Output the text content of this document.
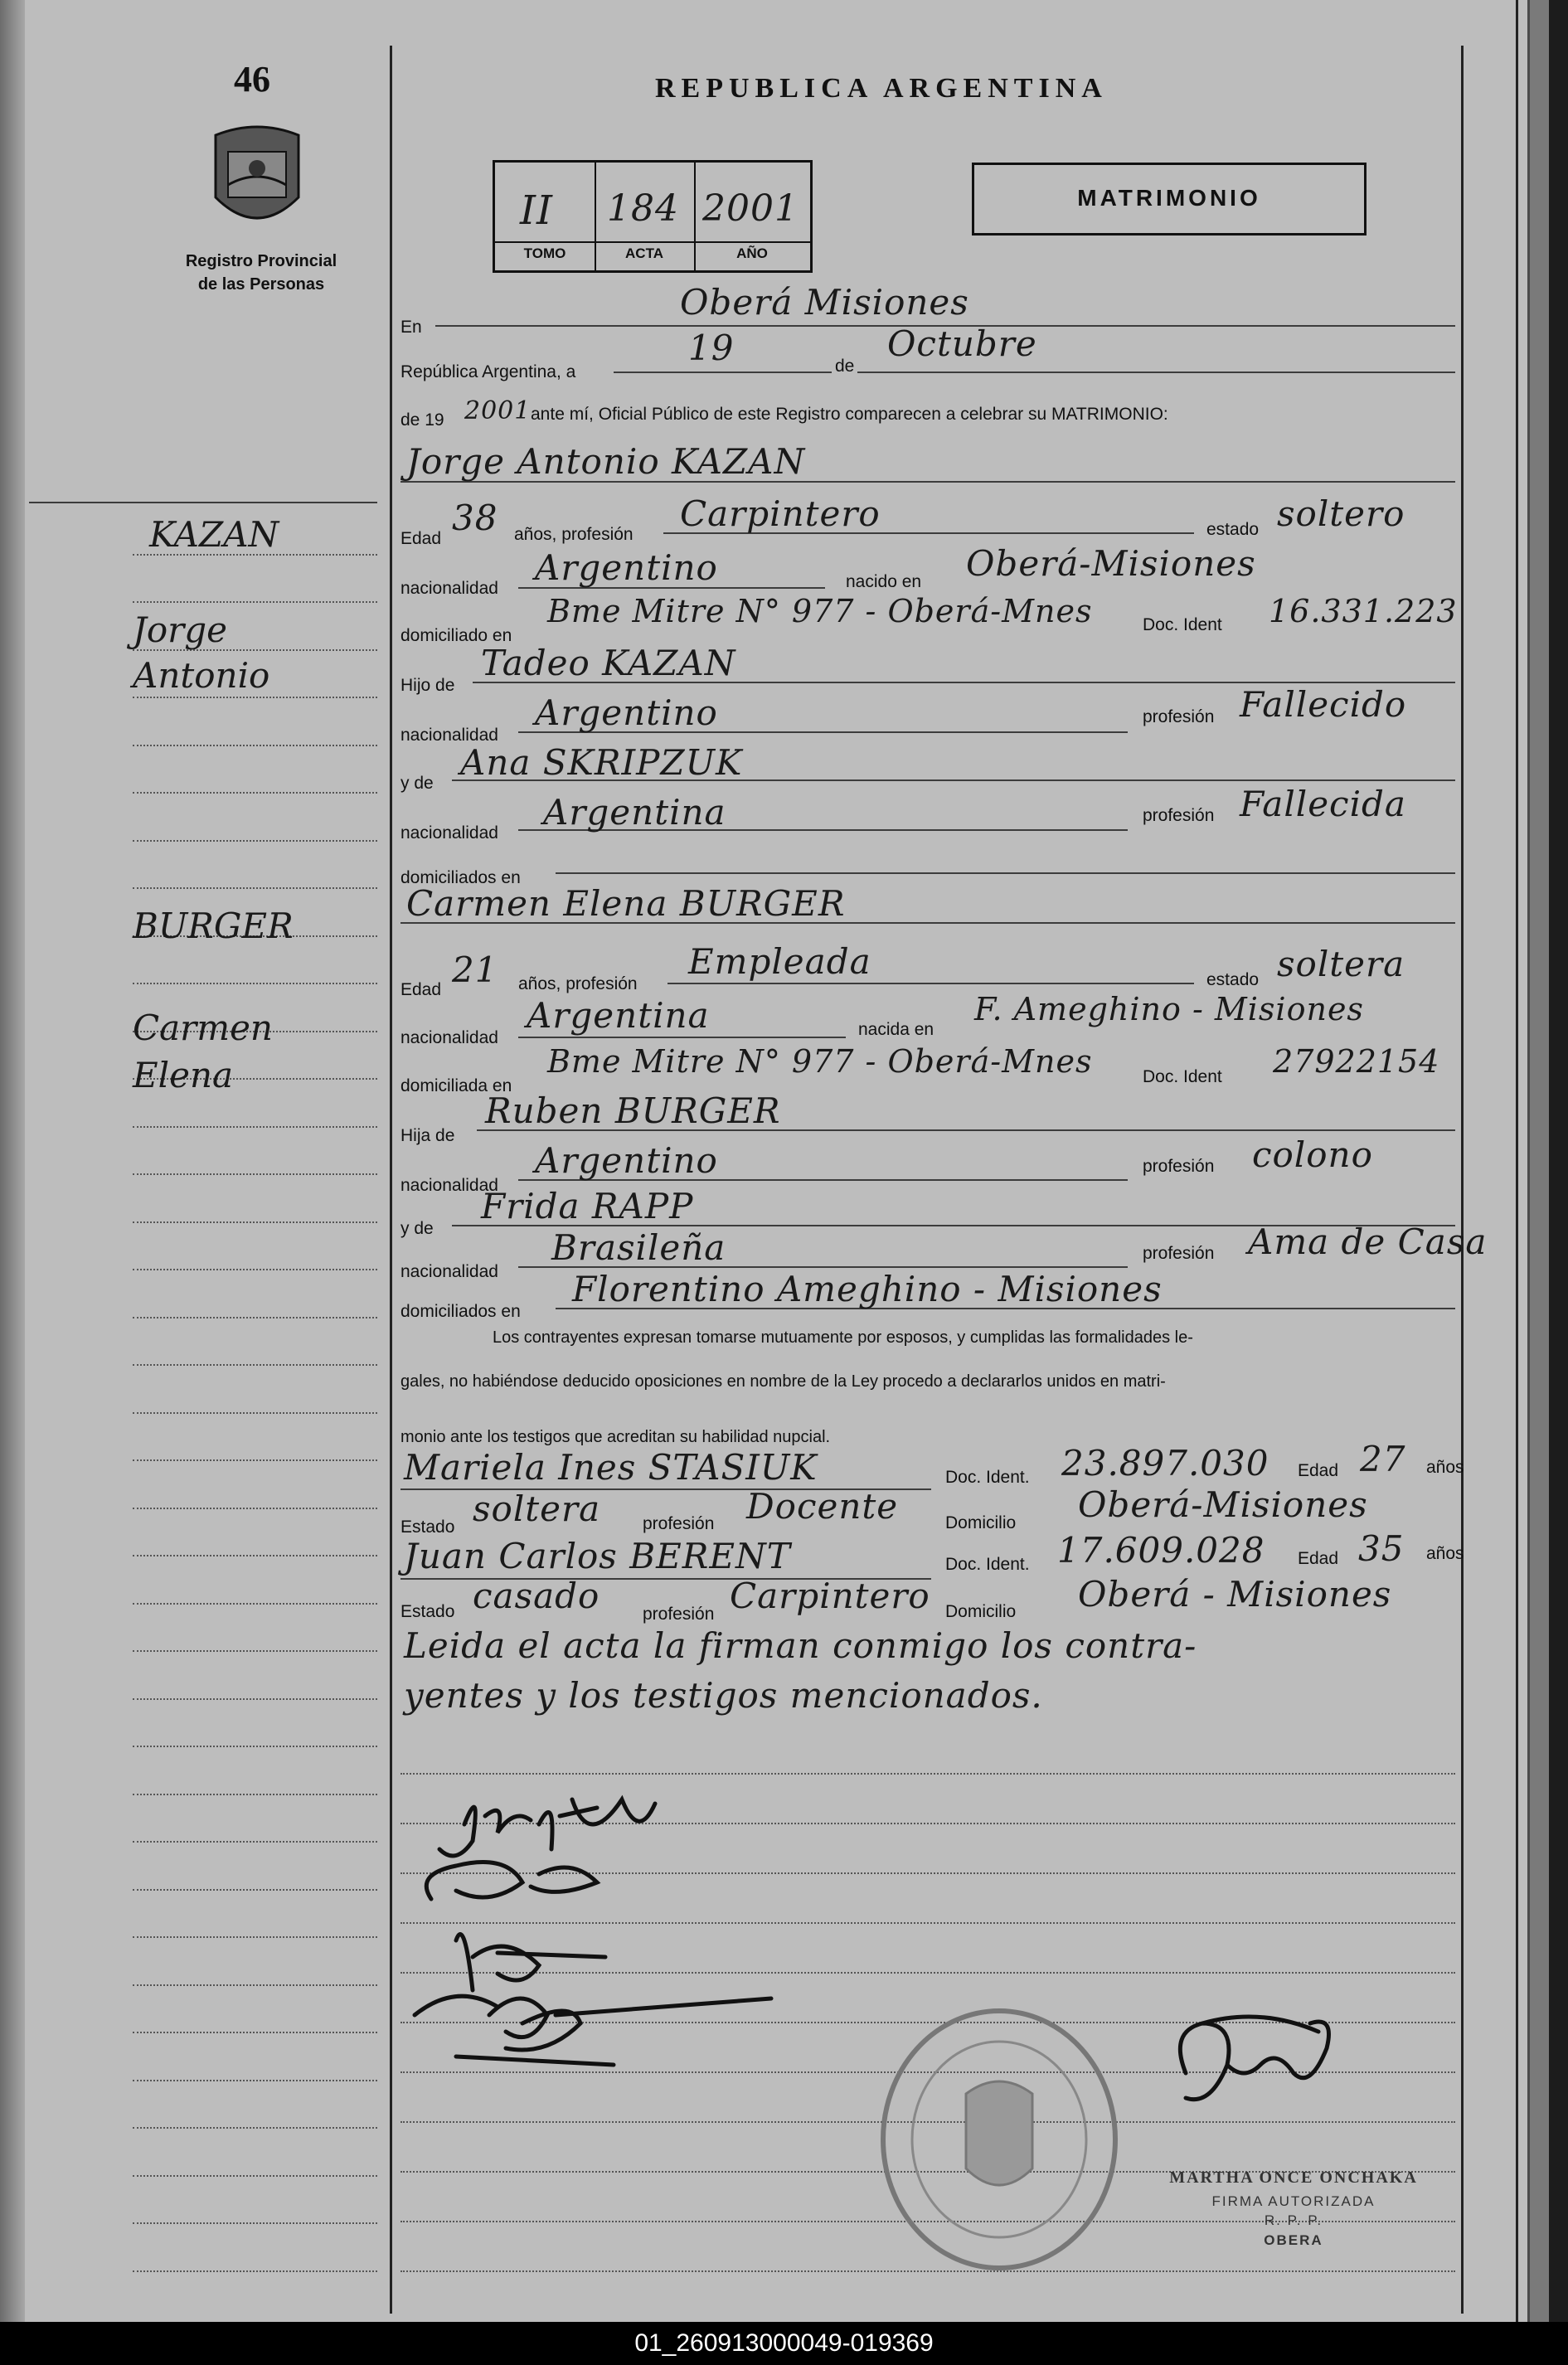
46
Registro Provincial
de las Personas
REPUBLICA ARGENTINA
II 184 2001
TOMO	ACTA	AÑO
MATRIMONIO
En
Oberá Misiones
República Argentina, a
19	de
Octubre
de 19 2001 ante mí, Oficial Público de este Registro comparecen a celebrar su MATRIMONIO:
Jorge Antonio KAZAN
Edad
38 años, profesión
Carpintero	estado soltero
nacionalidad
Argentino	nacido en Oberá-Misiones
domiciliado en
Bme Mitre N° 977 - Oberá-Mnes	Doc. Ident 16.331.223
Hijo de
Tadeo KAZAN
nacionalidad
Argentino	profesión Fallecido
y de
Ana SKRIPZUK
nacionalidad
Argentina	profesión Fallecida
domiciliados en
Carmen Elena BURGER
Edad 21 años, profesión
Empleada	estado soltera
nacionalidad
Argentina	nacida en
F. Ameghino - Misiones
domiciliada en
Bme Mitre N° 977 - Oberá-Mnes	Doc. Ident 27922154
Hija de
Ruben BURGER
nacionalidad
Argentino	profesión colono
y de
Frida RAPP
nacionalidad
Brasileña	profesión Ama de Casa
domiciliados en
Florentino Ameghino - Misiones
Los contrayentes expresan tomarse mutuamente por esposos, y cumplidas las formalidades le-
gales, no habiéndose deducido oposiciones en nombre de la Ley procedo a declararlos unidos en matri-
monio ante los testigos que acreditan su habilidad nupcial.
Mariela Ines STASIUK	Doc. Ident. 23.897.030 Edad 27 años
Estado soltera profesión Docente	Domicilio Oberá-Misiones
Juan Carlos BERENT	Doc. Ident. 17.609.028 Edad 35 años
Estado casado profesión Carpintero Domicilio Oberá - Misiones
Leida el acta la firman conmigo los contra-
yentes y los testigos mencionados.
KAZAN
Jorge
Antonio
BURGER
Carmen
Elena
MARTHA ONCE ONCHAKA
FIRMA AUTORIZADA
R. P. P.
OBERA
01_260913000049-019369
